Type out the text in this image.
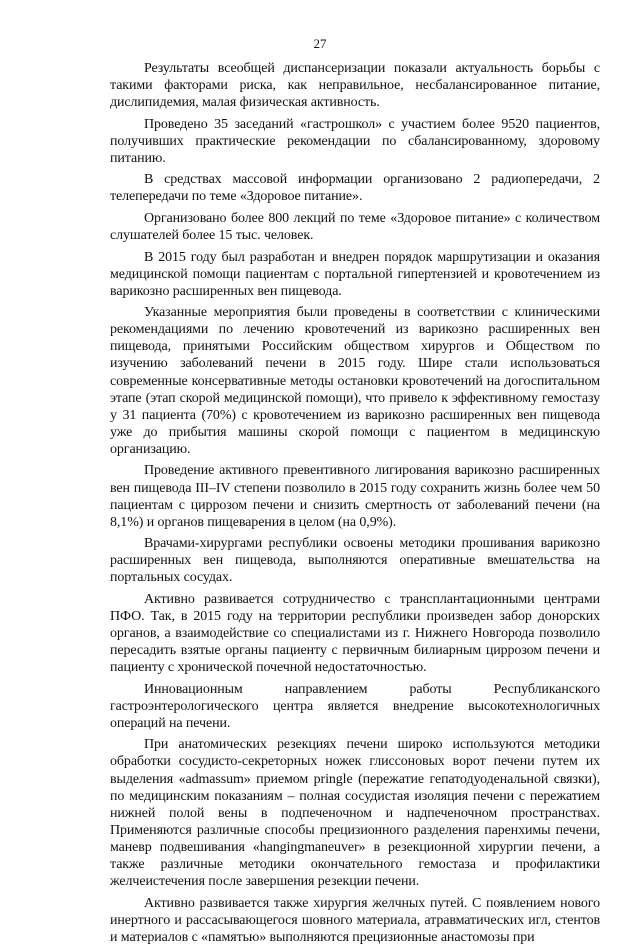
27

Результаты всеобщей диспансеризации показали актуальность борьбы с такими факторами риска, как неправильное, несбалансированное питание, дислипидемия, малая физическая активность.

Проведено 35 заседаний «гастрошкол» с участием более 9520 пациентов, получивших практические рекомендации по сбалансированному, здоровому питанию.

В средствах массовой информации организовано 2 радиопередачи, 2 телепередачи по теме «Здоровое питание».

Организовано более 800 лекций по теме «Здоровое питание» с количеством слушателей более 15 тыс. человек.

В 2015 году был разработан и внедрен порядок маршрутизации и оказания медицинской помощи пациентам с портальной гипертензией и кровотечением из варикозно расширенных вен пищевода.

Указанные мероприятия были проведены в соответствии с клиническими рекомендациями по лечению кровотечений из варикозно расширенных вен пищевода, принятыми Российским обществом хирургов и Обществом по изучению заболеваний печени в 2015 году. Шире стали использоваться современные консервативные методы остановки кровотечений на догоспитальном этапе (этап скорой медицинской помощи), что привело к эффективному гемостазу у 31 пациента (70%) с кровотечением из варикозно расширенных вен пищевода уже до прибытия машины скорой помощи с пациентом в медицинскую организацию.

Проведение активного превентивного лигирования варикозно расширенных вен пищевода III–IV степени позволило в 2015 году сохранить жизнь более чем 50 пациентам с циррозом печени и снизить смертность от заболеваний печени (на 8,1%) и органов пищеварения в целом (на 0,9%).

Врачами-хирургами республики освоены методики прошивания варикозно расширенных вен пищевода, выполняются оперативные вмешательства на портальных сосудах.

Активно развивается сотрудничество с трансплантационными центрами ПФО. Так, в 2015 году на территории республики произведен забор донорских органов, а взаимодействие со специалистами из г. Нижнего Новгорода позволило пересадить взятые органы пациенту с первичным билиарным циррозом печени и пациенту с хронической почечной недостаточностью.

Инновационным направлением работы Республиканского гастроэнтерологического центра является внедрение высокотехнологичных операций на печени.

При анатомических резекциях печени широко используются методики обработки сосудисто-секреторных ножек глиссоновых ворот печени путем их выделения «admassum» приемом pringle (пережатие гепатодуоденальной связки), по медицинским показаниям – полная сосудистая изоляция печени с пережатием нижней полой вены в подпеченочном и надпеченочном пространствах. Применяются различные способы прецизионного разделения паренхимы печени, маневр подвешивания «hangingmaneuver» в резекционной хирургии печени, а также различные методики окончательного гемостаза и профилактики желчеистечения после завершения резекции печени.

Активно развивается также хирургия желчных путей. С появлением нового инертного и рассасывающегося шовного материала, атравматических игл, стентов и материалов с «памятью» выполняются прецизионные анастомозы при
